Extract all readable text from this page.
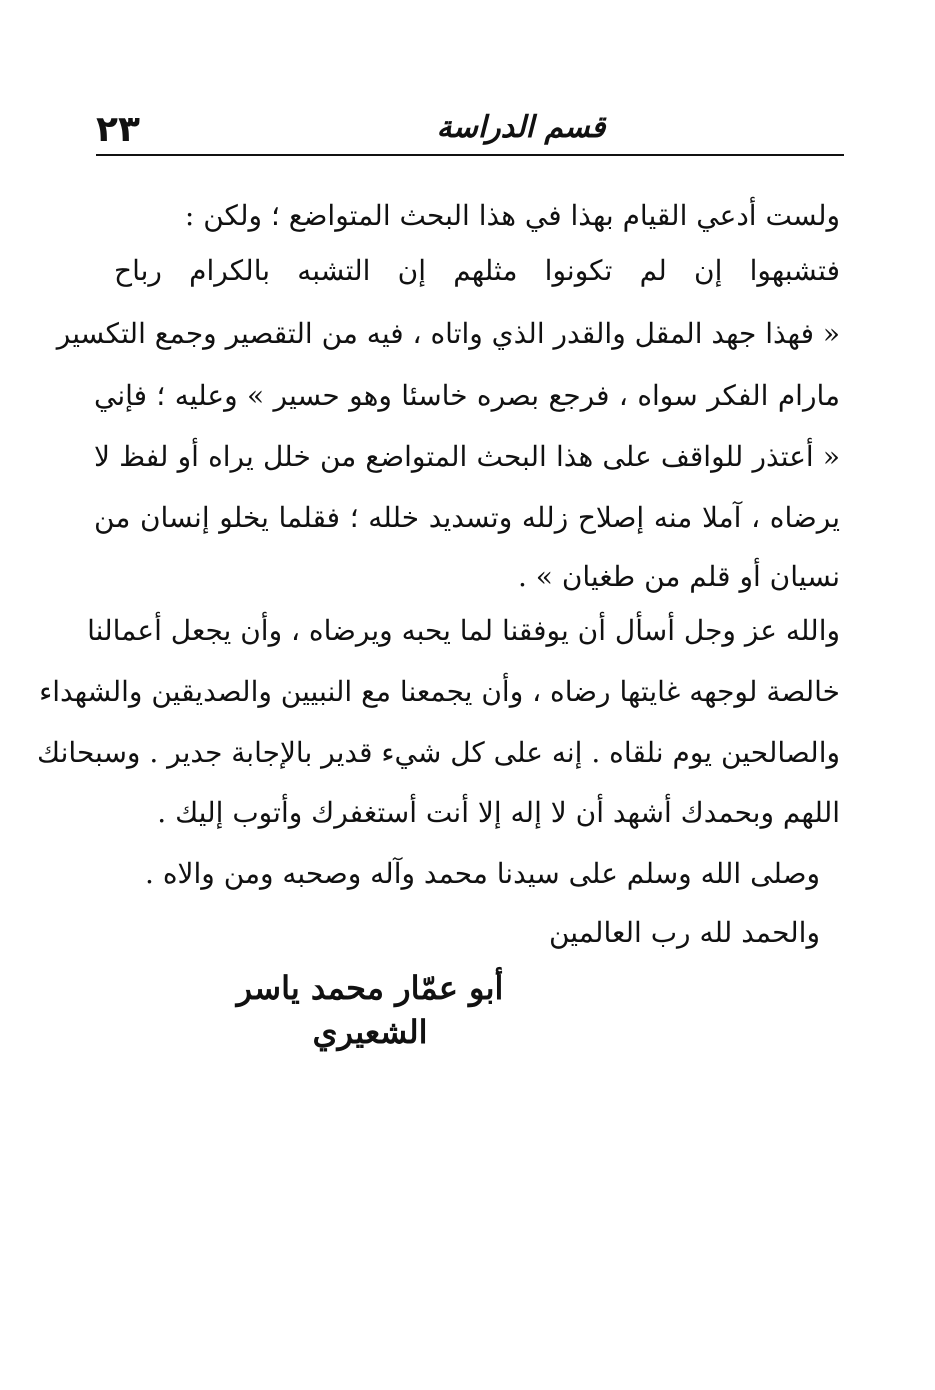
٢٣	قسم الدراسة
ولست أدعي القيام بهذا في هذا البحث المتواضع ؛ ولكن :
فتشبهوا إن لم تكونوا مثلهم إن التشبه بالكرام رباح
« فهذا جهد المقل والقدر الذي واتاه ، فيه من التقصير وجمع التكسير
مارام الفكر سواه ، فرجع بصره خاسئا وهو حسير » وعليه ؛ فإني
« أعتذر للواقف على هذا البحث المتواضع من خلل يراه أو لفظ لا
يرضاه ، آملا منه إصلاح زلله وتسديد خلله ؛ فقلما يخلو إنسان من
نسيان أو قلم من طغيان » .
والله عز وجل أسأل أن يوفقنا لما يحبه ويرضاه ، وأن يجعل أعمالنا
خالصة لوجهه غايتها رضاه ، وأن يجمعنا مع النبيين والصديقين والشهداء
والصالحين يوم نلقاه . إنه على كل شيء قدير بالإجابة جدير . وسبحانك
اللهم وبحمدك أشهد أن لا إله إلا أنت أستغفرك وأتوب إليك .
وصلى الله وسلم على سيدنا محمد وآله وصحبه ومن والاه .
والحمد لله رب العالمين
أبو عمّار محمد ياسر الشعيري
